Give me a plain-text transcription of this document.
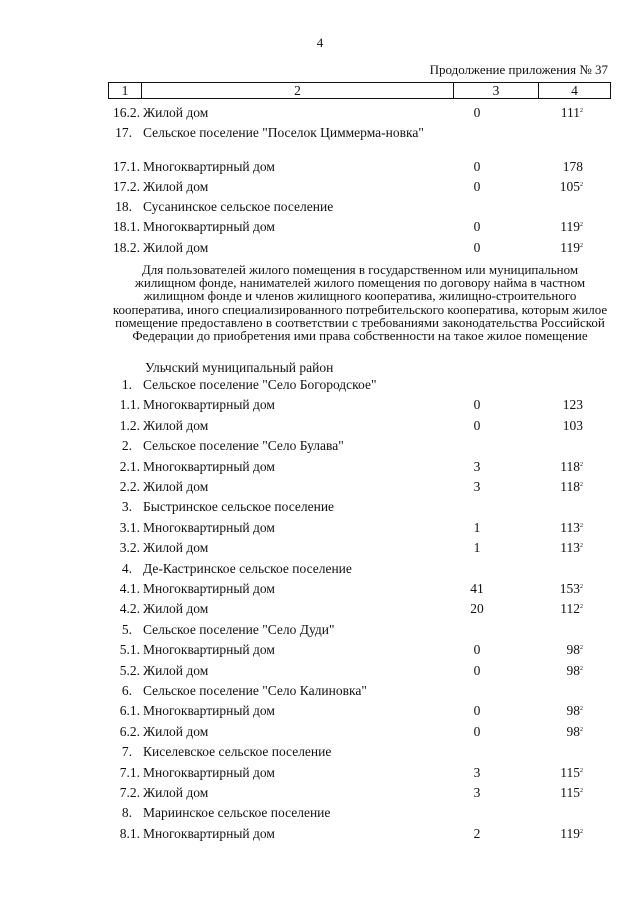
4
Продолжение приложения № 37
1	2	3	4
16.2. Жилой дом	0	$111^2$
17. Сельское поселение "Поселок Циммерма-новка"
17.1. Многоквартирный дом	0	178
17.2. Жилой дом	0	$105^2$
18. Сусанинское сельское поселение
18.1. Многоквартирный дом	0	$119^2$
18.2. Жилой дом	0	$119^2$
Для пользователей жилого помещения в государственном или муниципальном жилищном фонде, нанимателей жилого помещения по договору найма в частном жилищном фонде и членов жилищного кооператива, жилищно-строительного кооператива, иного специализированного потребительского кооператива, которым жилое помещение предоставлено в соответствии с требованиями законодательства Российской Федерации до приобретения ими права собственности на такое жилое помещение
Ульчский муниципальный район
1. Сельское поселение "Село Богородское"
1.1. Многоквартирный дом	0	123
1.2. Жилой дом	0	103
2. Сельское поселение "Село Булава"
2.1. Многоквартирный дом	3	$118^2$
2.2. Жилой дом	3	$118^2$
3. Быстринское сельское поселение
3.1. Многоквартирный дом	1	$113^2$
3.2. Жилой дом	1	$113^2$
4. Де-Кастринское сельское поселение
4.1. Многоквартирный дом	41	$153^2$
4.2. Жилой дом	20	$112^2$
5. Сельское поселение "Село Дуди"
5.1. Многоквартирный дом	0	$98^2$
5.2. Жилой дом	0	$98^2$
6. Сельское поселение "Село Калиновка"
6.1. Многоквартирный дом	0	$98^2$
6.2. Жилой дом	0	$98^2$
7. Киселевское сельское поселение
7.1. Многоквартирный дом	3	$115^2$
7.2. Жилой дом	3	$115^2$
8. Мариинское сельское поселение
8.1. Многоквартирный дом	2	$119^2$
